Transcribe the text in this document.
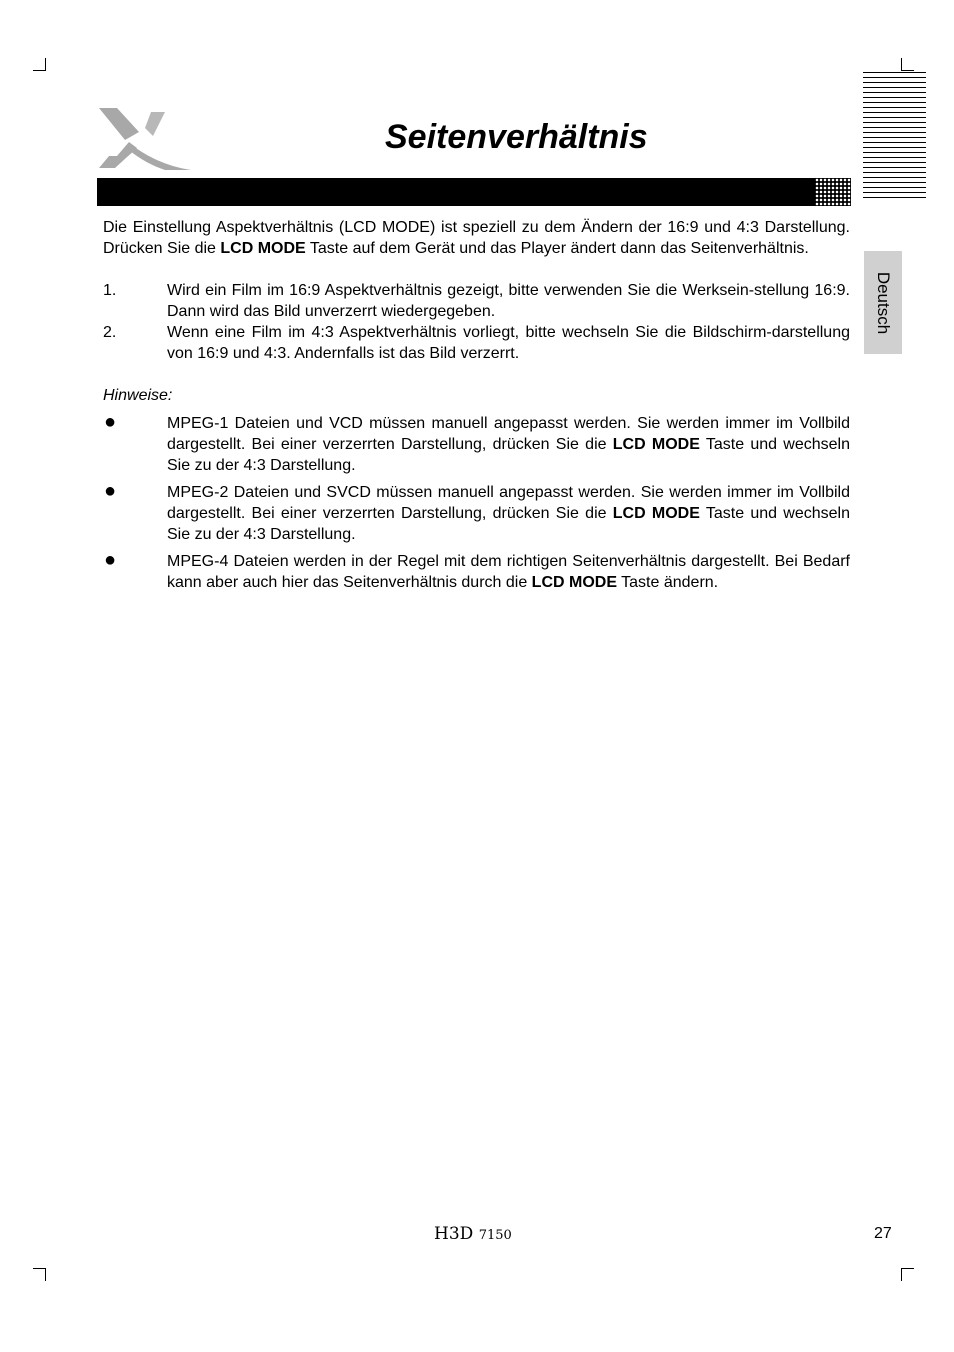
Deutsch
Seitenverhältnis

Die Einstellung Aspektverhältnis (LCD MODE) ist speziell zu dem Ändern der 16:9 und 4:3 Darstellung. Drücken Sie die LCD MODE Taste auf dem Gerät und das Player ändert dann das Seitenverhältnis.

1.	Wird ein Film im 16:9 Aspektverhältnis gezeigt, bitte verwenden Sie die Werksein-stellung 16:9. Dann wird das Bild unverzerrt wiedergegeben.
2.	Wenn eine Film im 4:3 Aspektverhältnis vorliegt, bitte wechseln Sie die Bildschirm-darstellung von 16:9 und 4:3. Andernfalls ist das Bild verzerrt.

Hinweise:

●	MPEG-1 Dateien und VCD müssen manuell angepasst werden. Sie werden immer im Vollbild dargestellt. Bei einer verzerrten Darstellung, drücken Sie die LCD MODE Taste und wechseln Sie zu der 4:3 Darstellung.
●	MPEG-2 Dateien und SVCD müssen manuell angepasst werden. Sie werden immer im Vollbild dargestellt. Bei einer verzerrten Darstellung, drücken Sie die LCD MODE Taste und wechseln Sie zu der 4:3 Darstellung.
●	MPEG-4 Dateien werden in der Regel mit dem richtigen Seitenverhältnis dargestellt. Bei Bedarf kann aber auch hier das Seitenverhältnis durch die LCD MODE Taste ändern.
H3D 7150	27
